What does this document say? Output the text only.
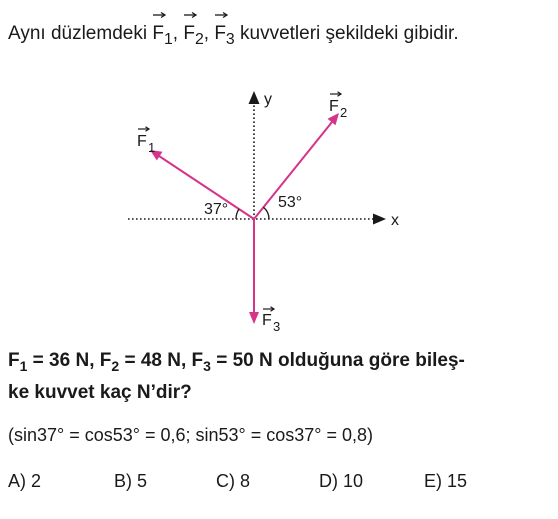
Aynı düzlemdeki
$F_1$, $F_2$, $F_3$ kuvvetleri şekildeki gibidir.
x
y
37°	53°
F 1
F 2
F 3
$F_1 = 36$ N, $F_2 = 48$ N, $F_3 = 50$ N olduğuna göre bileş-
ke kuvvet kaç N’dir?
(sin37° = cos53° = 0,6; sin53° = cos37° = 0,8)
A) 2	B) 5	C) 8	D) 10	E) 15
